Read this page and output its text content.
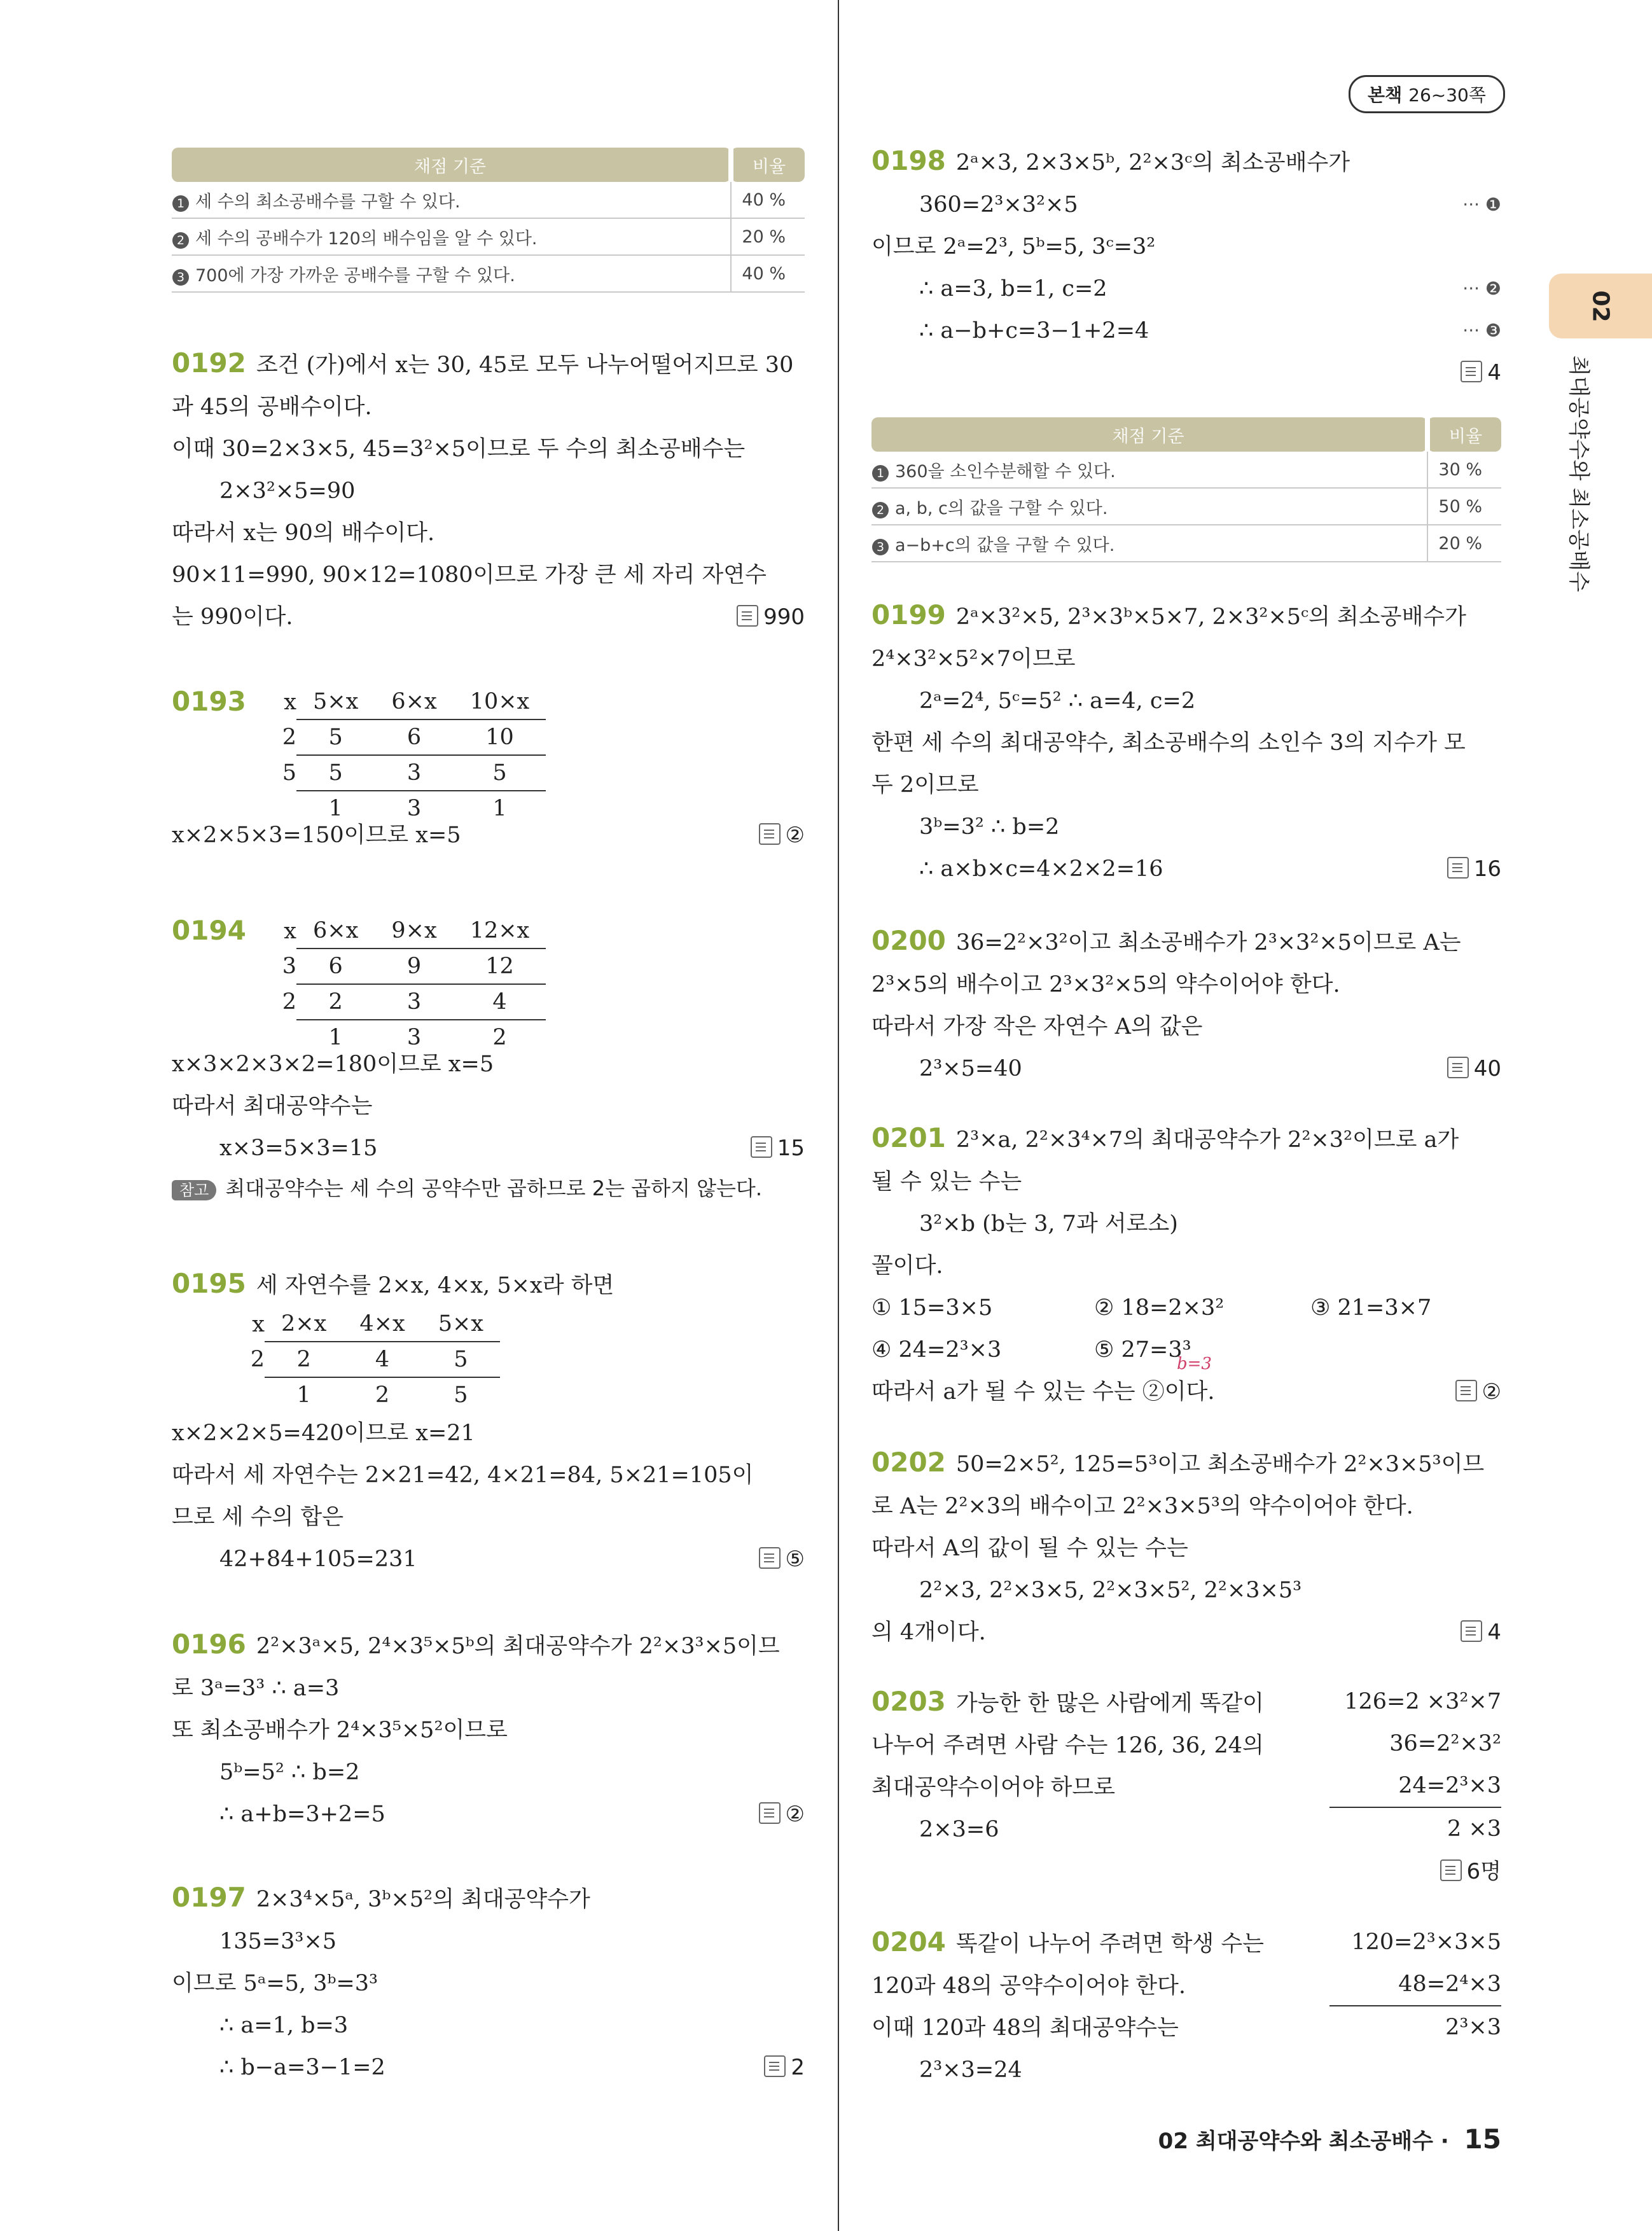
본책 26~30쪽
02
최대공약수와 최소공배수
채점 기준	비율
1 세 수의 최소공배수를 구할 수 있다.	40 %
2 세 수의 공배수가 120의 배수임을 알 수 있다.	20 %
3 700에 가장 가까운 공배수를 구할 수 있다.	40 %
0192 조건 (가)에서 x는 30, 45로 모두 나누어떨어지므로 30
과 45의 공배수이다.
이때 30=2×3×5, 45=3²×5이므로 두 수의 최소공배수는
2×3²×5=90
따라서 x는 90의 배수이다.
90×11=990, 90×12=1080이므로 가장 큰 세 자리 자연수
는 990이다.	990
0193 x	5×x	6×x	10×x
2	5	6	10
5	5	3	5
	1	3	1
x×2×5×3=150이므로 x=5	②
0194 x	6×x	9×x	12×x
3	6	9	12
2	2	3	4
	1	3	2
x×3×2×3×2=180이므로 x=5
따라서 최대공약수는
x×3=5×3=15	15
참고 최대공약수는 세 수의 공약수만 곱하므로 2는 곱하지 않는다.
0195 세 자연수를 2×x, 4×x, 5×x라 하면
x	2×x	4×x	5×x
2	2	4	5
	1	2	5
x×2×2×5=420이므로 x=21
따라서 세 자연수는 2×21=42, 4×21=84, 5×21=105이
므로 세 수의 합은
42+84+105=231	⑤
0196 2²×3ᵃ×5, 2⁴×3⁵×5ᵇ의 최대공약수가 2²×3³×5이므
로 3ᵃ=3³ ∴ a=3
또 최소공배수가 2⁴×3⁵×5²이므로
5ᵇ=5² ∴ b=2
∴ a+b=3+2=5	②
0197 2×3⁴×5ᵃ, 3ᵇ×5²의 최대공약수가
135=3³×5
이므로 5ᵃ=5, 3ᵇ=3³
∴ a=1, b=3
∴ b−a=3−1=2	2
0198 2ᵃ×3, 2×3×5ᵇ, 2²×3ᶜ의 최소공배수가
360=2³×3²×5	··· ❶
이므로 2ᵃ=2³, 5ᵇ=5, 3ᶜ=3²
∴ a=3, b=1, c=2	··· ❷
∴ a−b+c=3−1+2=4	··· ❸
4
채점 기준	비율
1 360을 소인수분해할 수 있다.	30 %
2 a, b, c의 값을 구할 수 있다.	50 %
3 a−b+c의 값을 구할 수 있다.	20 %
0199 2ᵃ×3²×5, 2³×3ᵇ×5×7, 2×3²×5ᶜ의 최소공배수가
2⁴×3²×5²×7이므로
2ᵃ=2⁴, 5ᶜ=5² ∴ a=4, c=2
한편 세 수의 최대공약수, 최소공배수의 소인수 3의 지수가 모
두 2이므로
3ᵇ=3² ∴ b=2
∴ a×b×c=4×2×2=16	16
0200 36=2²×3²이고 최소공배수가 2³×3²×5이므로 A는
2³×5의 배수이고 2³×3²×5의 약수이어야 한다.
따라서 가장 작은 자연수 A의 값은
2³×5=40	40
0201 2³×a, 2²×3⁴×7의 최대공약수가 2²×3²이므로 a가
될 수 있는 수는
3²×b (b는 3, 7과 서로소)
꼴이다.
① 15=3×5	② 18=2×3²	③ 21=3×7
④ 24=2³×3	⑤ 27=3³
b=3
따라서 a가 될 수 있는 수는 ②이다.	②
0202 50=2×5², 125=5³이고 최소공배수가 2²×3×5³이므
로 A는 2²×3의 배수이고 2²×3×5³의 약수이어야 한다.
따라서 A의 값이 될 수 있는 수는
2²×3, 2²×3×5, 2²×3×5², 2²×3×5³
의 4개이다.	4
126=2 ×3²×7
36=2²×3²
24=2³×3
2 ×3
0203 가능한 한 많은 사람에게 똑같이
나누어 주려면 사람 수는 126, 36, 24의
최대공약수이어야 하므로
2×3=6
6명
120=2³×3×5
48=2⁴×3
2³×3
0204 똑같이 나누어 주려면 학생 수는
120과 48의 공약수이어야 한다.
이때 120과 48의 최대공약수는
2³×3=24
02 최대공약수와 최소공배수 · 15
